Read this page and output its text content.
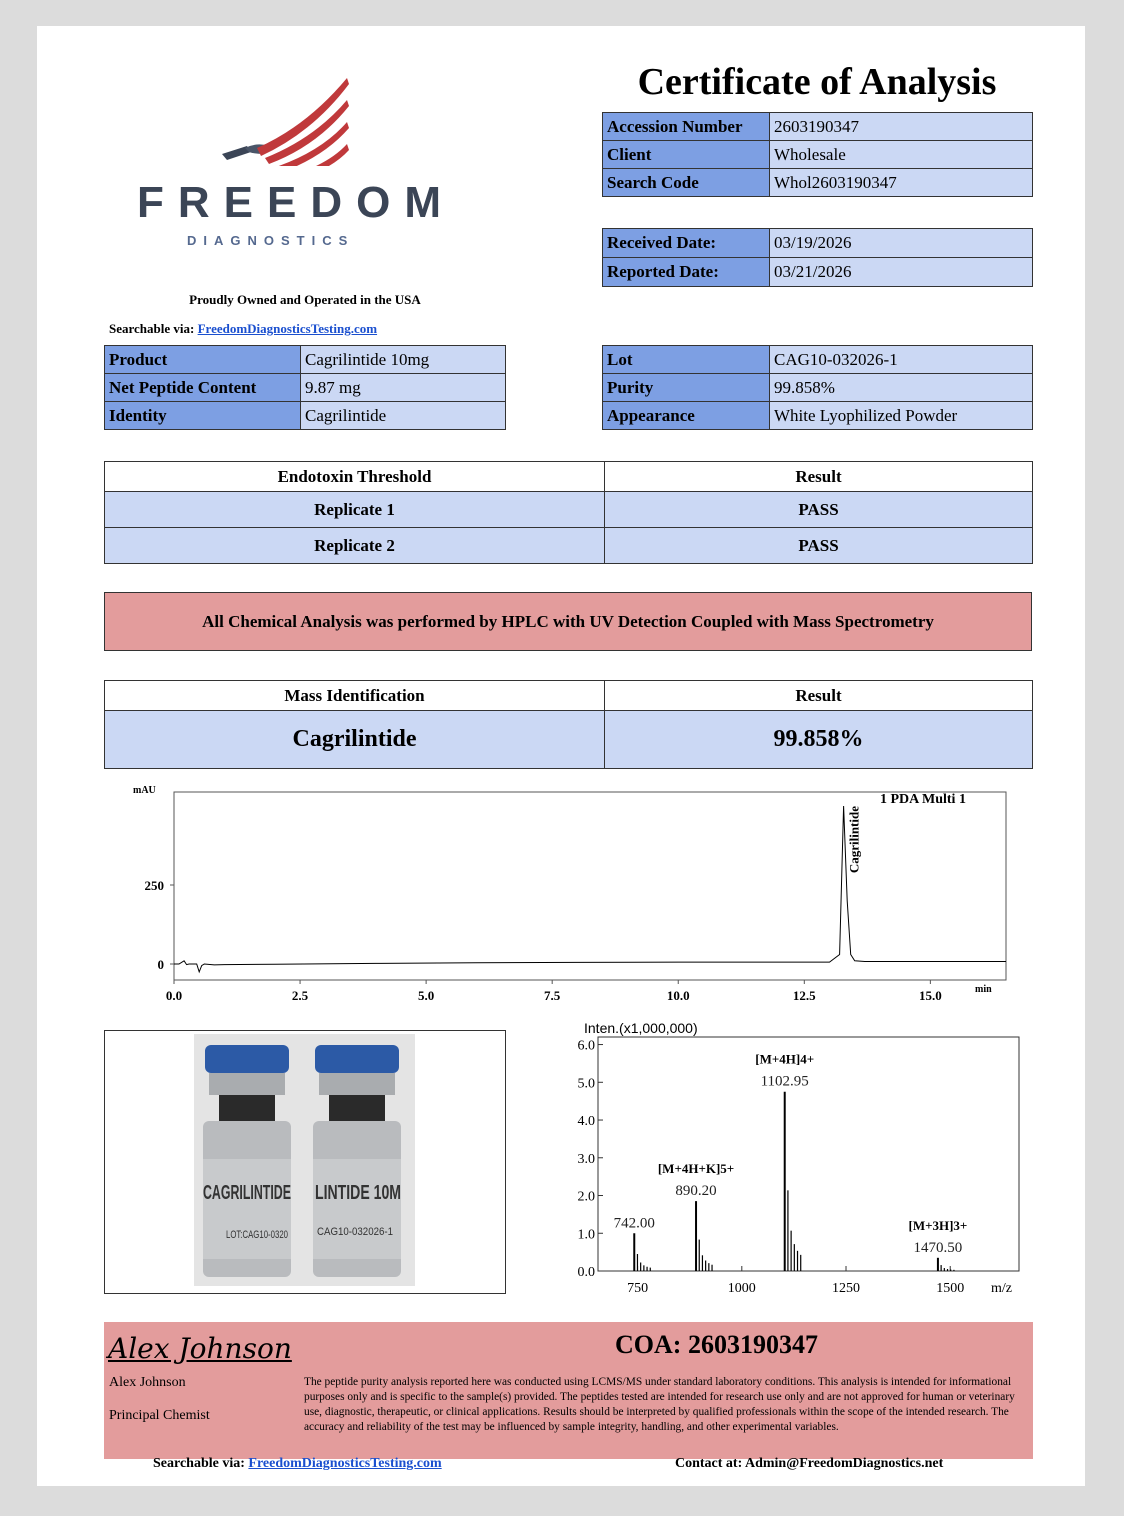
FREEDOM
DIAGNOSTICS
Proudly Owned and Operated in the USA
Searchable via: FreedomDiagnosticsTesting.com
Certificate of Analysis
Accession Number	2603190347
Client	Wholesale
Search Code	Whol2603190347
Received Date:	03/19/2026
Reported Date:	03/21/2026
Product	Cagrilintide 10mg
Net Peptide Content	9.87 mg
Identity	Cagrilintide
Lot	CAG10-032026-1
Purity	99.858%
Appearance	White Lyophilized Powder
Endotoxin Threshold	Result
Replicate 1	PASS
Replicate 2	PASS
All Chemical Analysis was performed by HPLC with UV Detection Coupled with Mass Spectrometry
Mass Identification	Result
Cagrilintide	99.858%
mAU
0.0	2.5	5.0	7.5	10.0	12.5	15.0
0
250
1 PDA Multi 1
Cagrilintide
min
CAGRILINTIDE
LOT:CAG10-0320
LINTIDE 10M
CAG10-032026-1
Inten.(x1,000,000)
0.0
1.0
2.0
3.0
4.0
5.0
6.0
750	1000	1250	1500
742.00
890.20
[M+4H+K]5+
1102.95
[M+4H]4+
1470.50
[M+3H]3+
m/z
Alex Johnson	COA: 2603190347
Alex Johnson
Principal Chemist
The peptide purity analysis reported here was conducted using LCMS/MS under standard laboratory conditions. This analysis is intended for informational purposes only and is specific to the sample(s) provided. The peptides tested are intended for research use only and are not approved for human or veterinary use, diagnostic, therapeutic, or clinical applications. Results should be interpreted by qualified professionals within the scope of the intended research. The accuracy and reliability of the test may be influenced by sample integrity, handling, and other experimental variables.
Searchable via: FreedomDiagnosticsTesting.com	Contact at: Admin@FreedomDiagnostics.net
